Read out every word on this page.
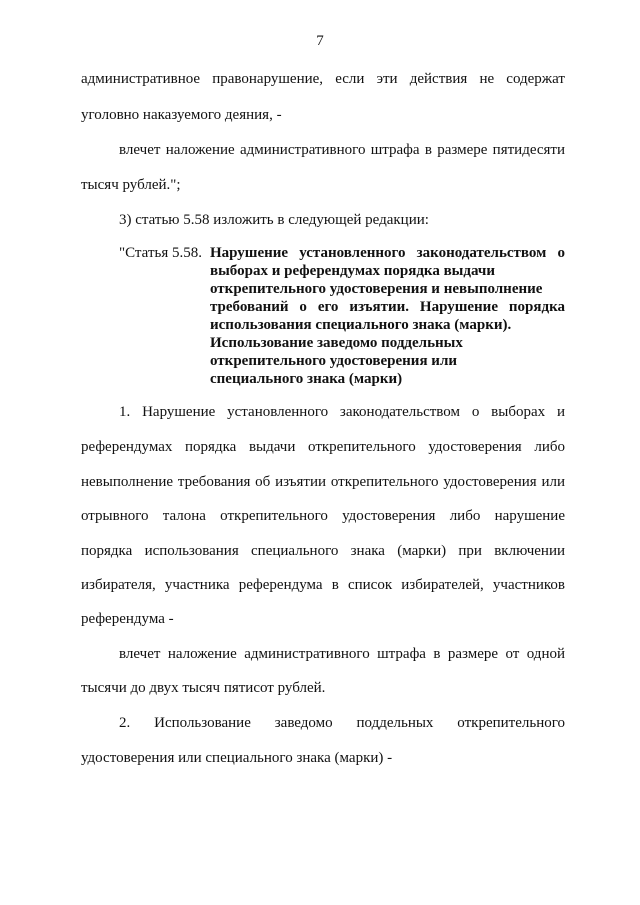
7
административное правонарушение, если эти действия не содержат
уголовно наказуемого деяния, -
влечет наложение административного штрафа в размере пятидесяти
тысяч рублей.";
3) статью 5.58 изложить в следующей редакции:
"Статья 5.58. Нарушение установленного законодательством о
выборах и референдумах порядка выдачи
открепительного удостоверения и невыполнение
требований о его изъятии. Нарушение порядка
использования специального знака (марки).
Использование заведомо поддельных
открепительного удостоверения или
специального знака (марки)
1. Нарушение установленного законодательством о выборах и
референдумах порядка выдачи открепительного удостоверения либо
невыполнение требования об изъятии открепительного удостоверения или
отрывного талона открепительного удостоверения либо нарушение
порядка использования специального знака (марки) при включении
избирателя, участника референдума в список избирателей, участников
референдума -
влечет наложение административного штрафа в размере от одной
тысячи до двух тысяч пятисот рублей.
2.  Использование  заведомо  поддельных  открепительного
удостоверения или специального знака (марки) -
